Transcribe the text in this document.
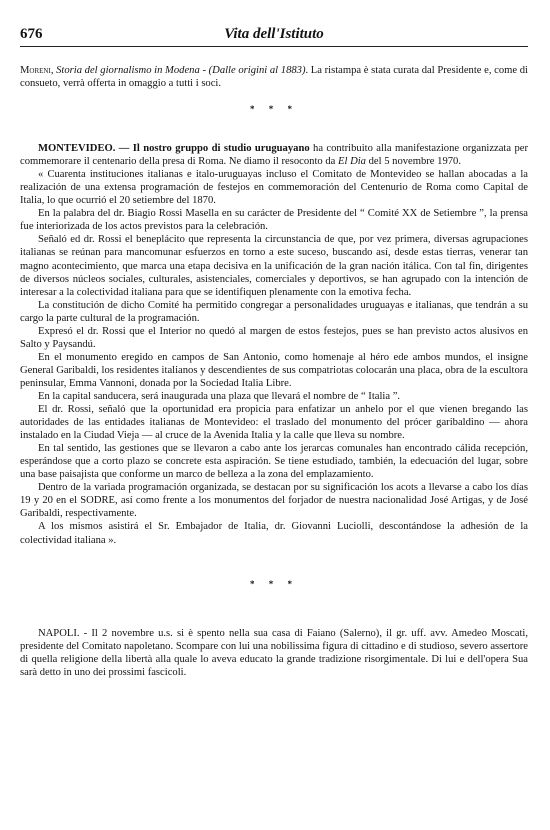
676	Vita dell'Istituto

Moreni, Storia del giornalismo in Modena - (Dalle origini al 1883). La ristampa è stata curata dal Presidente e, come di consueto, verrà offerta in omaggio a tutti i soci.

* * *

MONTEVIDEO. — Il nostro gruppo di studio uruguayano ha contribuito alla manifestazione organizzata per commemorare il centenario della presa di Roma. Ne diamo il resoconto da El Dia del 5 novembre 1970.

« Cuarenta instituciones italianas e italo-uruguayas incluso el Comitato de Montevideo se hallan abocadas a la realización de una extensa programación de festejos en commemoración del Centenurio de Roma como Capital de Italia, lo que ocurrió el 20 setiembre del 1870.

En la palabra del dr. Biagio Rossi Masella en su carácter de Presidente del “ Comité XX de Setiembre ”, la prensa fue interiorizada de los actos previstos para la celebración.

Señaló ed dr. Rossi el beneplácito que representa la circunstancia de que, por vez primera, diversas agrupaciones italianas se reúnan para mancomunar esfuerzos en torno a este suceso, buscando así, desde estas tierras, venerar tan magno acontecimiento, que marca una etapa decisiva en la unificación de la gran nación itálica. Con tal fin, dirigentes de diversos núcleos sociales, culturales, asistenciales, comerciales y deportivos, se han agrupado con la intención de interesar a la colectividad italiana para que se identifiquen plenamente con la emotiva fecha.

La constitución de dicho Comité ha permitido congregar a personalidades uruguayas e italianas, que tendrán a su cargo la parte cultural de la programación.

Expresó el dr. Rossi que el Interior no quedó al margen de estos festejos, pues se han previsto actos alusivos en Salto y Paysandú.

En el monumento eregido en campos de San Antonio, como homenaje al héro ede ambos mundos, el insigne General Garibaldi, los residentes italianos y descendientes de sus compatriotas colocarán una placa, obra de la escultora peninsular, Emma Vannoni, donada por la Sociedad Italia Libre.

En la capital sanducera, será inaugurada una plaza que llevará el nombre de “ Italia ”.

El dr. Rossi, señaló que la oportunidad era propicia para enfatizar un anhelo por el que vienen bregando las autoridades de las entidades italianas de Montevideo: el traslado del monumento del prócer garibaldino — ahora instalado en la Ciudad Vieja — al cruce de la Avenida Italia y la calle que lleva su nombre.

En tal sentido, las gestiones que se llevaron a cabo ante los jerarcas comunales han encontrado cálida recepción, esperándose que a corto plazo se concrete esta aspiración. Se tiene estudiado, también, la edecuación del lugar, sobre una base paisajista que conforme un marco de belleza a la zona del emplazamiento.

Dentro de la variada programación organizada, se destacan por su significación los acots a llevarse a cabo los días 19 y 20 en el SODRE, así como frente a los monumentos del forjador de nuestra nacionalidad José Artigas, y de José Garibaldi, respectivamente.

A los mismos asistirá el Sr. Embajador de Italia, dr. Giovanni Luciolli, descontándose la adhesión de la colectividad italiana ».

* * *

NAPOLI. - Il 2 novembre u.s. si è spento nella sua casa di Faiano (Salerno), il gr. uff. avv. Amedeo Moscati, presidente del Comitato napoletano. Scompare con lui una nobilissima figura di cittadino e di studioso, severo assertore di quella religione della libertà alla quale lo aveva educato la grande tradizione risorgimentale. Di lui e dell'opera Sua sarà detto in uno dei prossimi fascicoli.
